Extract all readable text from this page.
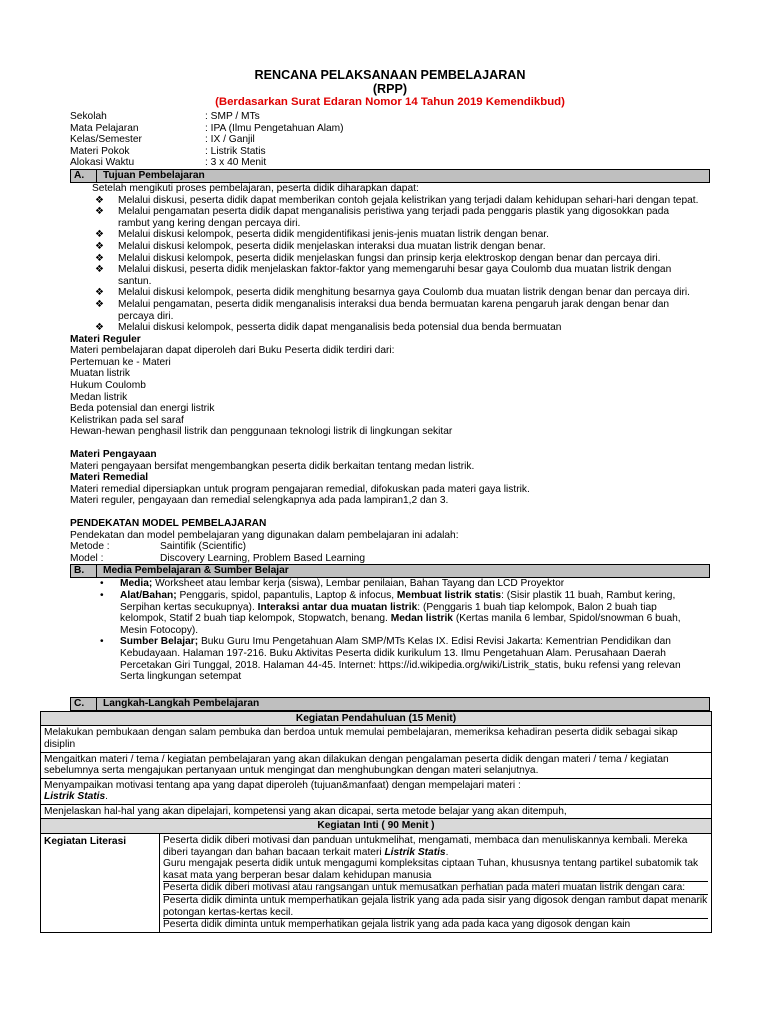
RENCANA PELAKSANAAN PEMBELAJARAN
(RPP)
(Berdasarkan Surat Edaran Nomor 14 Tahun 2019 Kemendikbud)
Sekolah	: SMP / MTs
Mata Pelajaran	: IPA (Ilmu Pengetahuan Alam)
Kelas/Semester	: IX / Ganjil
Materi Pokok	: Listrik Statis
Alokasi Waktu	: 3 x 40 Menit
A.	Tujuan Pembelajaran
Setelah mengikuti proses pembelajaran, peserta didik diharapkan dapat:
❖ Melalui diskusi, peserta didik dapat memberikan contoh gejala kelistrikan yang terjadi dalam kehidupan sehari-hari dengan tepat.
❖ Melalui pengamatan peserta didik dapat menganalisis peristiwa yang terjadi pada penggaris plastik yang digosokkan pada rambut yang kering dengan percaya diri.
❖ Melalui diskusi kelompok, peserta didik mengidentifikasi jenis-jenis muatan listrik dengan benar.
❖ Melalui diskusi kelompok, peserta didik menjelaskan interaksi dua muatan listrik dengan benar.
❖ Melalui diskusi kelompok, peserta didik menjelaskan fungsi dan prinsip kerja elektroskop dengan benar dan percaya diri.
❖ Melalui diskusi, peserta didik menjelaskan faktor-faktor yang memengaruhi besar gaya Coulomb dua muatan listrik dengan santun.
❖ Melalui diskusi kelompok, peserta didik menghitung besarnya gaya Coulomb dua muatan listrik dengan benar dan percaya diri.
❖ Melalui pengamatan, peserta didik menganalisis interaksi dua benda bermuatan karena pengaruh jarak dengan benar dan percaya diri.
❖ Melalui diskusi kelompok, pesserta didik dapat menganalisis beda potensial dua benda bermuatan
Materi Reguler
Materi pembelajaran dapat diperoleh dari Buku Peserta didik terdiri dari:
Pertemuan ke - Materi
Muatan listrik
Hukum Coulomb
Medan listrik
Beda potensial dan energi listrik
Kelistrikan pada sel saraf
Hewan-hewan penghasil listrik dan penggunaan teknologi listrik di lingkungan sekitar
Materi Pengayaan
Materi pengayaan bersifat mengembangkan peserta didik berkaitan tentang medan listrik.
Materi Remedial
Materi remedial dipersiapkan untuk program pengajaran remedial, difokuskan pada materi gaya listrik.
Materi reguler, pengayaan dan remedial selengkapnya ada pada lampiran1,2 dan 3.
PENDEKATAN MODEL PEMBELAJARAN
Pendekatan dan model pembelajaran yang digunakan dalam pembelajaran ini adalah:
Metode :	Saintifik (Scientific)
Model :	Discovery Learning, Problem Based Learning
B.	Media Pembelajaran & Sumber Belajar
• Media; Worksheet atau lembar kerja (siswa), Lembar penilaian, Bahan Tayang dan LCD Proyektor
• Alat/Bahan; Penggaris, spidol, papantulis, Laptop & infocus, Membuat listrik statis: (Sisir plastik 11 buah, Rambut kering, Serpihan kertas secukupnya). Interaksi antar dua muatan listrik: (Penggaris 1 buah tiap kelompok, Balon 2 buah tiap kelompok, Statif 2 buah tiap kelompok, Stopwatch, benang. Medan listrik (Kertas manila 6 lembar, Spidol/snowman 6 buah, Mesin Fotocopy).
• Sumber Belajar; Buku Guru Imu Pengetahuan Alam SMP/MTs Kelas IX. Edisi Revisi Jakarta: Kementrian Pendidikan dan Kebudayaan. Halaman 197-216. Buku Aktivitas Peserta didik kurikulum 13. Ilmu Pengetahuan Alam. Perusahaan Daerah Percetakan Giri Tunggal, 2018. Halaman 44-45. Internet: https://id.wikipedia.org/wiki/Listrik_statis, buku refensi yang relevan Serta lingkungan setempat
C.	Langkah-Langkah Pembelajaran
Kegiatan Pendahuluan (15 Menit)
Melakukan pembukaan dengan salam pembuka dan berdoa untuk memulai pembelajaran, memeriksa kehadiran peserta didik sebagai sikap disiplin
Mengaitkan materi / tema / kegiatan pembelajaran yang akan dilakukan dengan pengalaman peserta didik dengan materi / tema / kegiatan sebelumnya serta mengajukan pertanyaan untuk mengingat dan menghubungkan dengan materi selanjutnya.
Menyampaikan motivasi tentang apa yang dapat diperoleh (tujuan&manfaat) dengan mempelajari materi :
Listrik Statis.
Menjelaskan hal-hal yang akan dipelajari, kompetensi yang akan dicapai, serta metode belajar yang akan ditempuh,
Kegiatan Inti ( 90 Menit )
Kegiatan Literasi	Peserta didik diberi motivasi dan panduan untukmelihat, mengamati, membaca dan menuliskannya kembali. Mereka diberi tayangan dan bahan bacaan terkait materi Listrik Statis.
Guru mengajak peserta didik untuk mengagumi kompleksitas ciptaan Tuhan, khususnya tentang partikel subatomik tak kasat mata yang berperan besar dalam kehidupan manusia
Peserta didik diberi motivasi atau rangsangan untuk memusatkan perhatian pada materi muatan listrik dengan cara:
Peserta didik diminta untuk memperhatikan gejala listrik yang ada pada sisir yang digosok dengan rambut dapat menarik potongan kertas-kertas kecil.
Peserta didik diminta untuk memperhatikan gejala listrik yang ada pada kaca yang digosok dengan kain
